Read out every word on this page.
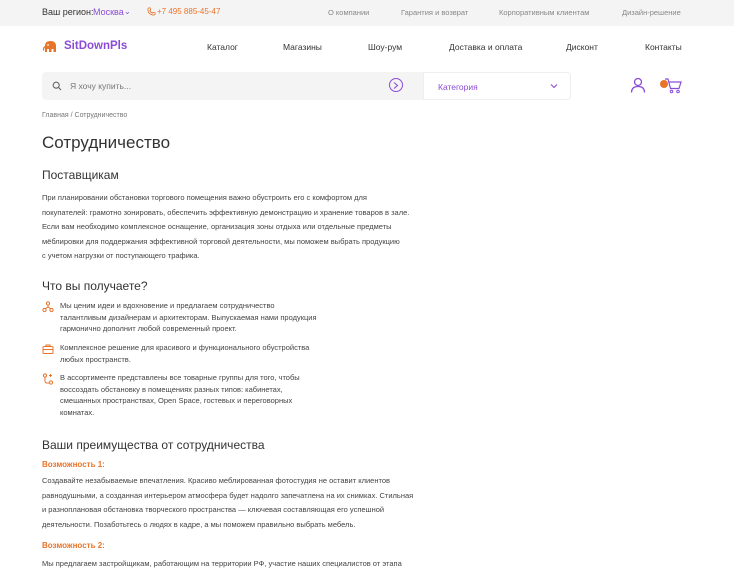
Ваш регион: Москва ⌄	+7 495 885-45-47	О компании	Гарантия и возврат	Корпоративным клиентам	Дизайн-решение
SitDownPls	Каталог	Магазины	Шоу-рум	Доставка и оплата	Дисконт	Контакты
Я хочу купить...	Категория
Главная / Сотрудничество
Сотрудничество
Поставщикам
При планировании обстановки торгового помещения важно обустроить его с комфортом для
покупателей: грамотно зонировать, обеспечить эффективную демонстрацию и хранение товаров в зале.
Если вам необходимо комплексное оснащение, организация зоны отдыха или отдельные предметы
мёблировки для поддержания эффективной торговой деятельности, мы поможем выбрать продукцию
с учетом нагрузки от поступающего трафика.
Что вы получаете?
Мы ценим идеи и вдохновение и предлагаем сотрудничество
талантливым дизайнерам и архитекторам. Выпускаемая нами продукция
гармонично дополнит любой современный проект.
Комплексное решение для красивого и функционального обустройства
любых пространств.
В ассортименте представлены все товарные группы для того, чтобы
воссоздать обстановку в помещениях разных типов: кабинетах,
смешанных пространствах, Open Space, гостевых и переговорных
комнатах.
Ваши преимущества от сотрудничества
Возможность 1:
Создавайте незабываемые впечатления. Красиво меблированная фотостудия не оставит клиентов
равнодушными, а созданная интерьером атмосфера будет надолго запечатлена на их снимках. Стильная
и разноплановая обстановка творческого пространства — ключевая составляющая его успешной
деятельности. Позаботьтесь о людях в кадре, а мы поможем правильно выбрать мебель.
Возможность 2:
Мы предлагаем застройщикам, работающим на территории РФ, участие наших специалистов от этапа
